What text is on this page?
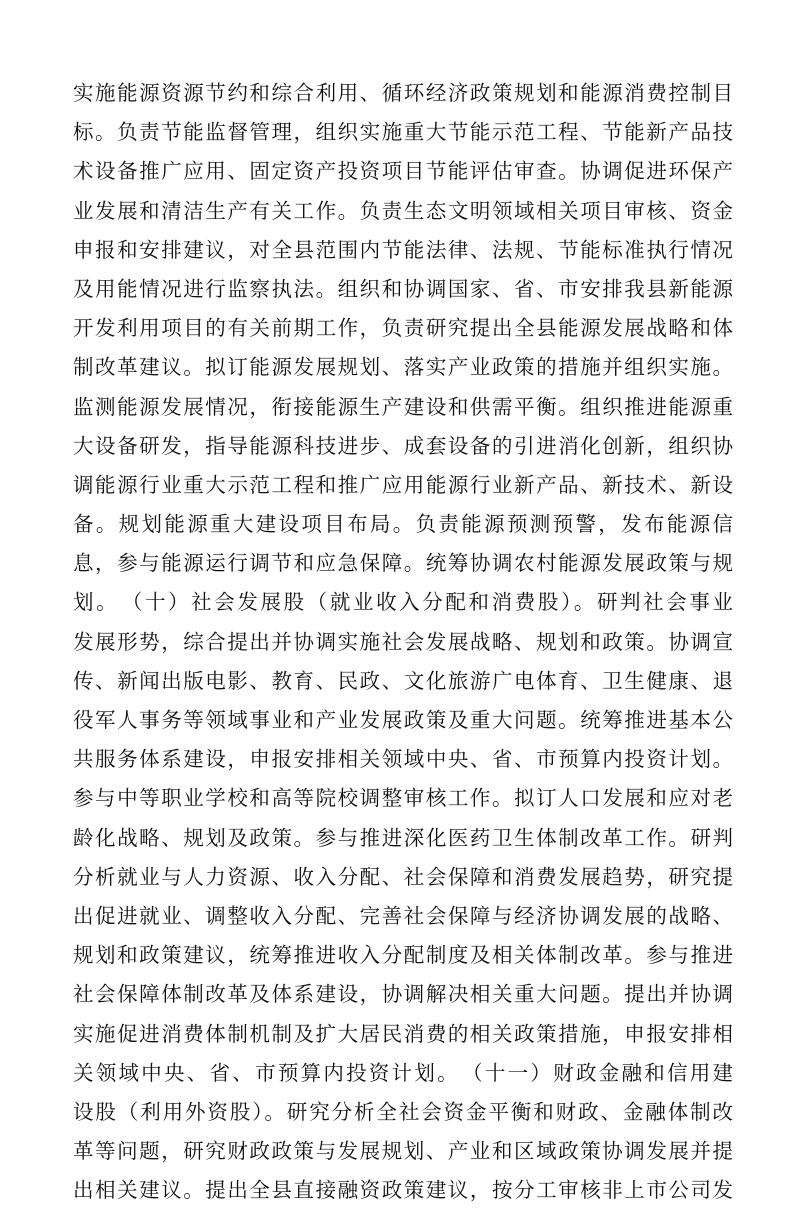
实施能源资源节约和综合利用、循环经济政策规划和能源消费控制目
标。负责节能监督管理，组织实施重大节能示范工程、节能新产品技
术设备推广应用、固定资产投资项目节能评估审查。协调促进环保产
业发展和清洁生产有关工作。负责生态文明领域相关项目审核、资金
申报和安排建议，对全县范围内节能法律、法规、节能标准执行情况
及用能情况进行监察执法。组织和协调国家、省、市安排我县新能源
开发利用项目的有关前期工作，负责研究提出全县能源发展战略和体
制改革建议。拟订能源发展规划、落实产业政策的措施并组织实施。
监测能源发展情况，衔接能源生产建设和供需平衡。组织推进能源重
大设备研发，指导能源科技进步、成套设备的引进消化创新，组织协
调能源行业重大示范工程和推广应用能源行业新产品、新技术、新设
备。规划能源重大建设项目布局。负责能源预测预警，发布能源信
息，参与能源运行调节和应急保障。统筹协调农村能源发展政策与规
划。　（十）社会发展股（就业收入分配和消费股）。研判社会事业
发展形势，综合提出并协调实施社会发展战略、规划和政策。协调宣
传、新闻出版电影、教育、民政、文化旅游广电体育、卫生健康、退
役军人事务等领域事业和产业发展政策及重大问题。统筹推进基本公
共服务体系建设，申报安排相关领域中央、省、市预算内投资计划。
参与中等职业学校和高等院校调整审核工作。拟订人口发展和应对老
龄化战略、规划及政策。参与推进深化医药卫生体制改革工作。研判
分析就业与人力资源、收入分配、社会保障和消费发展趋势，研究提
出促进就业、调整收入分配、完善社会保障与经济协调发展的战略、
规划和政策建议，统筹推进收入分配制度及相关体制改革。参与推进
社会保障体制改革及体系建设，协调解决相关重大问题。提出并协调
实施促进消费体制机制及扩大居民消费的相关政策措施，申报安排相
关领域中央、省、市预算内投资计划。　（十一）财政金融和信用建
设股（利用外资股）。研究分析全社会资金平衡和财政、金融体制改
革等问题，研究财政政策与发展规划、产业和区域政策协调发展并提
出相关建议。提出全县直接融资政策建议，按分工审核非上市公司发
